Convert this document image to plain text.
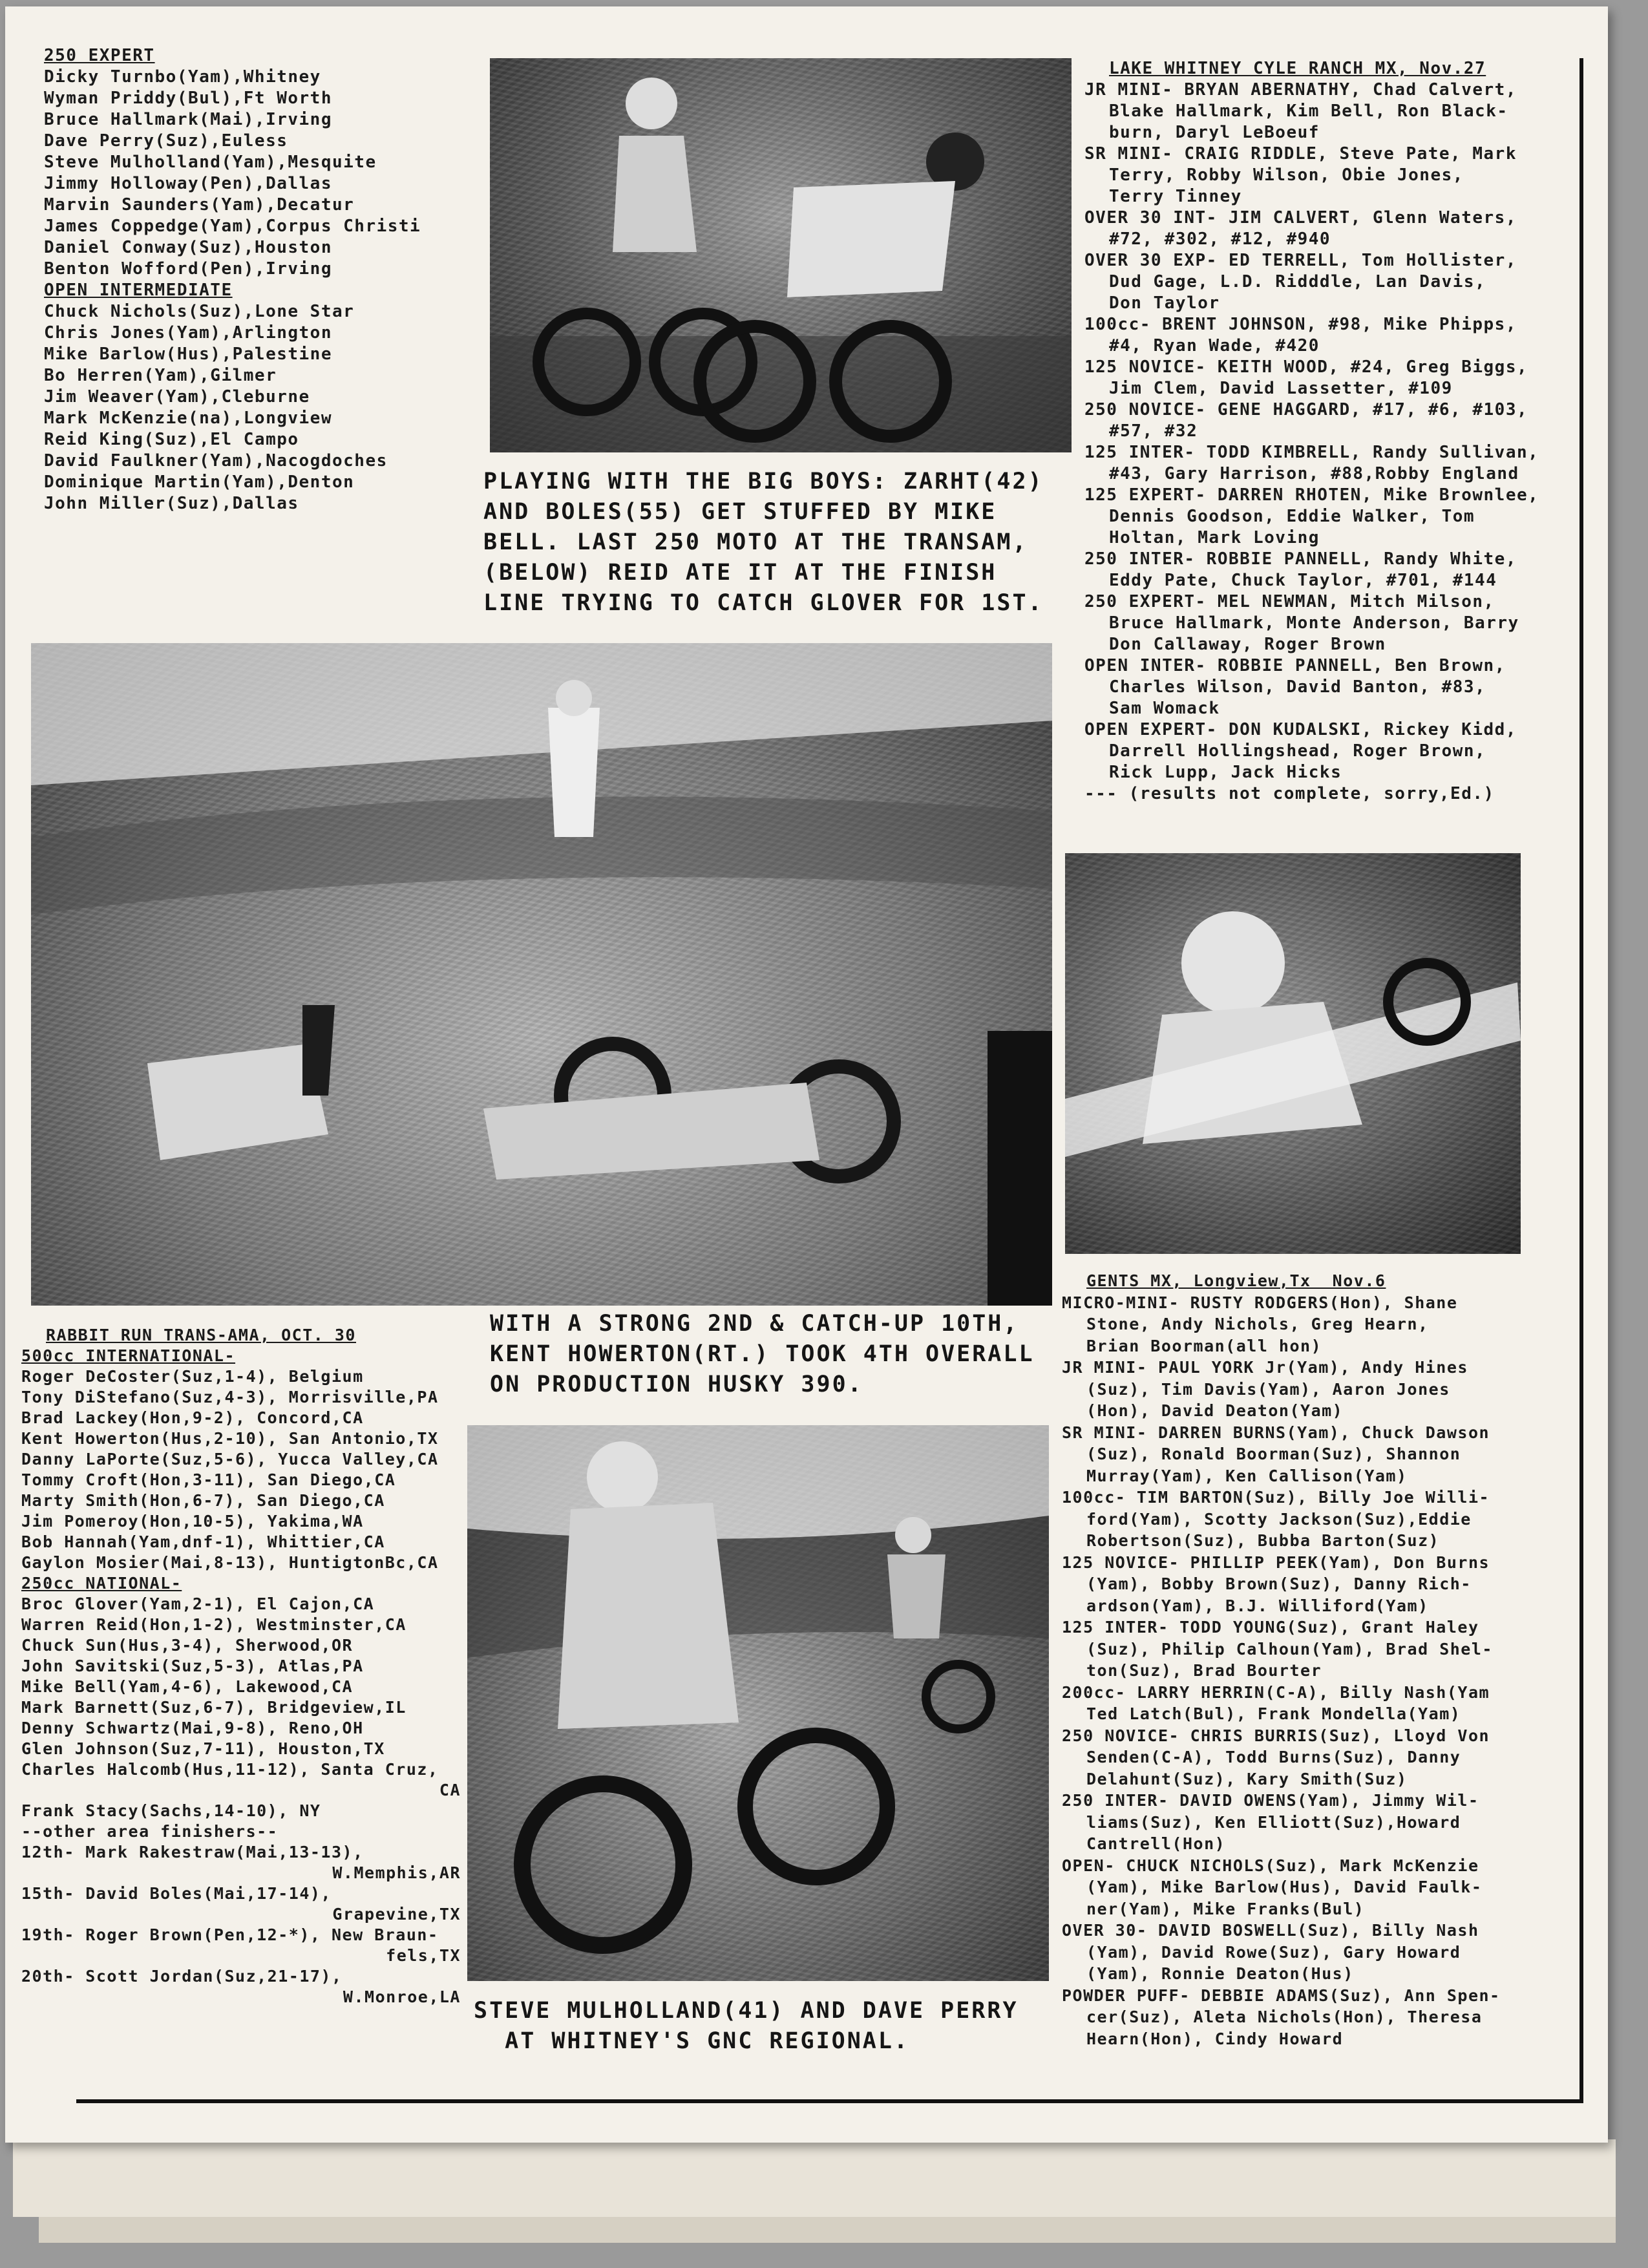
250 EXPERT
Dicky Turnbo(Yam),Whitney
Wyman Priddy(Bul),Ft Worth
Bruce Hallmark(Mai),Irving
Dave Perry(Suz),Euless
Steve Mulholland(Yam),Mesquite
Jimmy Holloway(Pen),Dallas
Marvin Saunders(Yam),Decatur
James Coppedge(Yam),Corpus Christi
Daniel Conway(Suz),Houston
Benton Wofford(Pen),Irving
OPEN INTERMEDIATE
Chuck Nichols(Suz),Lone Star
Chris Jones(Yam),Arlington
Mike Barlow(Hus),Palestine
Bo Herren(Yam),Gilmer
Jim Weaver(Yam),Cleburne
Mark McKenzie(na),Longview
Reid King(Suz),El Campo
David Faulkner(Yam),Nacogdoches
Dominique Martin(Yam),Denton
John Miller(Suz),Dallas
PLAYING WITH THE BIG BOYS: ZARHT(42)
AND BOLES(55) GET STUFFED BY MIKE
BELL. LAST 250 MOTO AT THE TRANSAM,
(BELOW) REID ATE IT AT THE FINISH
LINE TRYING TO CATCH GLOVER FOR 1ST.
LAKE WHITNEY CYLE RANCH MX, Nov.27
JR MINI- BRYAN ABERNATHY, Chad Calvert,
Blake Hallmark, Kim Bell, Ron Black-
burn, Daryl LeBoeuf
SR MINI- CRAIG RIDDLE, Steve Pate, Mark
Terry, Robby Wilson, Obie Jones,
Terry Tinney
OVER 30 INT- JIM CALVERT, Glenn Waters,
#72, #302, #12, #940
OVER 30 EXP- ED TERRELL, Tom Hollister,
Dud Gage, L.D. Ridddle, Lan Davis,
Don Taylor
100cc- BRENT JOHNSON, #98, Mike Phipps,
#4, Ryan Wade, #420
125 NOVICE- KEITH WOOD, #24, Greg Biggs,
Jim Clem, David Lassetter, #109
250 NOVICE- GENE HAGGARD, #17, #6, #103,
#57, #32
125 INTER- TODD KIMBRELL, Randy Sullivan,
#43, Gary Harrison, #88,Robby England
125 EXPERT- DARREN RHOTEN, Mike Brownlee,
Dennis Goodson, Eddie Walker, Tom
Holtan, Mark Loving
250 INTER- ROBBIE PANNELL, Randy White,
Eddy Pate, Chuck Taylor, #701, #144
250 EXPERT- MEL NEWMAN, Mitch Milson,
Bruce Hallmark, Monte Anderson, Barry
Don Callaway, Roger Brown
OPEN INTER- ROBBIE PANNELL, Ben Brown,
Charles Wilson, David Banton, #83,
Sam Womack
OPEN EXPERT- DON KUDALSKI, Rickey Kidd,
Darrell Hollingshead, Roger Brown,
Rick Lupp, Jack Hicks
--- (results not complete, sorry,Ed.)
RABBIT RUN TRANS-AMA, OCT. 30
500cc INTERNATIONAL-
Roger DeCoster(Suz,1-4), Belgium
Tony DiStefano(Suz,4-3), Morrisville,PA
Brad Lackey(Hon,9-2), Concord,CA
Kent Howerton(Hus,2-10), San Antonio,TX
Danny LaPorte(Suz,5-6), Yucca Valley,CA
Tommy Croft(Hon,3-11), San Diego,CA
Marty Smith(Hon,6-7), San Diego,CA
Jim Pomeroy(Hon,10-5), Yakima,WA
Bob Hannah(Yam,dnf-1), Whittier,CA
Gaylon Mosier(Mai,8-13), HuntigtonBc,CA
250cc NATIONAL-
Broc Glover(Yam,2-1), El Cajon,CA
Warren Reid(Hon,1-2), Westminster,CA
Chuck Sun(Hus,3-4), Sherwood,OR
John Savitski(Suz,5-3), Atlas,PA
Mike Bell(Yam,4-6), Lakewood,CA
Mark Barnett(Suz,6-7), Bridgeview,IL
Denny Schwartz(Mai,9-8), Reno,OH
Glen Johnson(Suz,7-11), Houston,TX
Charles Halcomb(Hus,11-12), Santa Cruz,
CA
Frank Stacy(Sachs,14-10), NY
--other area finishers--
12th- Mark Rakestraw(Mai,13-13),
W.Memphis,AR
15th- David Boles(Mai,17-14),
Grapevine,TX
19th- Roger Brown(Pen,12-*), New Braun-
fels,TX
20th- Scott Jordan(Suz,21-17),
W.Monroe,LA
WITH A STRONG 2ND & CATCH-UP 10TH,
KENT HOWERTON(RT.) TOOK 4TH OVERALL
ON PRODUCTION HUSKY 390.
STEVE MULHOLLAND(41) AND DAVE PERRY
AT WHITNEY'S GNC REGIONAL.
GENTS MX, Longview,Tx  Nov.6
MICRO-MINI- RUSTY RODGERS(Hon), Shane
Stone, Andy Nichols, Greg Hearn,
Brian Boorman(all hon)
JR MINI- PAUL YORK Jr(Yam), Andy Hines
(Suz), Tim Davis(Yam), Aaron Jones
(Hon), David Deaton(Yam)
SR MINI- DARREN BURNS(Yam), Chuck Dawson
(Suz), Ronald Boorman(Suz), Shannon
Murray(Yam), Ken Callison(Yam)
100cc- TIM BARTON(Suz), Billy Joe Willi-
ford(Yam), Scotty Jackson(Suz),Eddie
Robertson(Suz), Bubba Barton(Suz)
125 NOVICE- PHILLIP PEEK(Yam), Don Burns
(Yam), Bobby Brown(Suz), Danny Rich-
ardson(Yam), B.J. Williford(Yam)
125 INTER- TODD YOUNG(Suz), Grant Haley
(Suz), Philip Calhoun(Yam), Brad Shel-
ton(Suz), Brad Bourter
200cc- LARRY HERRIN(C-A), Billy Nash(Yam
Ted Latch(Bul), Frank Mondella(Yam)
250 NOVICE- CHRIS BURRIS(Suz), Lloyd Von
Senden(C-A), Todd Burns(Suz), Danny
Delahunt(Suz), Kary Smith(Suz)
250 INTER- DAVID OWENS(Yam), Jimmy Wil-
liams(Suz), Ken Elliott(Suz),Howard
Cantrell(Hon)
OPEN- CHUCK NICHOLS(Suz), Mark McKenzie
(Yam), Mike Barlow(Hus), David Faulk-
ner(Yam), Mike Franks(Bul)
OVER 30- DAVID BOSWELL(Suz), Billy Nash
(Yam), David Rowe(Suz), Gary Howard
(Yam), Ronnie Deaton(Hus)
POWDER PUFF- DEBBIE ADAMS(Suz), Ann Spen-
cer(Suz), Aleta Nichols(Hon), Theresa
Hearn(Hon), Cindy Howard
